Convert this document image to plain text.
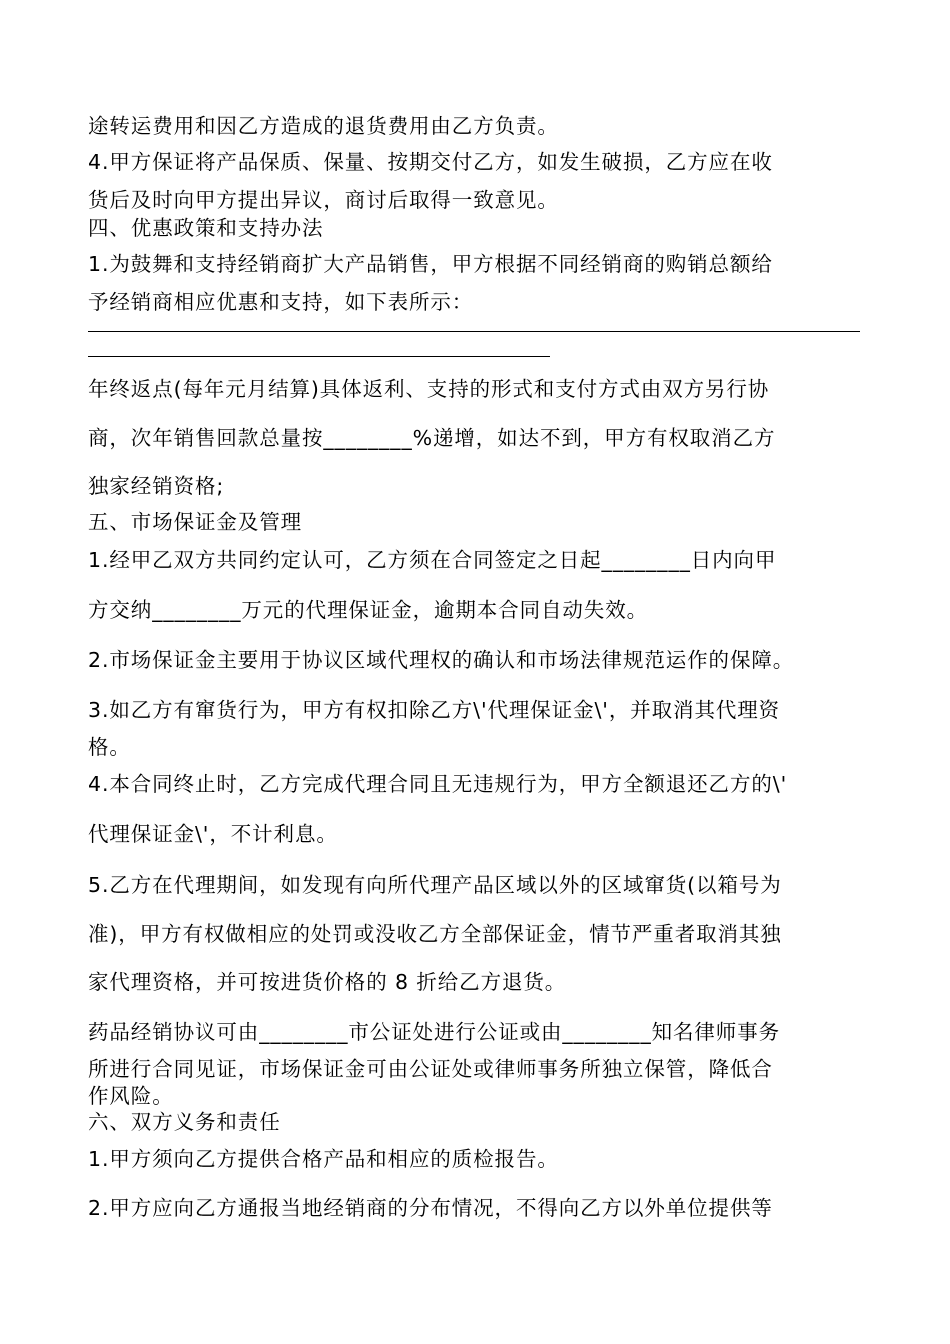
途转运费用和因乙方造成的退货费用由乙方负责。
4.甲方保证将产品保质、保量、按期交付乙方，如发生破损，乙方应在收
货后及时向甲方提出异议，商讨后取得一致意见。
四、优惠政策和支持办法
1.为鼓舞和支持经销商扩大产品销售，甲方根据不同经销商的购销总额给
予经销商相应优惠和支持，如下表所示：
年终返点(每年元月结算)具体返利、支持的形式和支付方式由双方另行协
商，次年销售回款总量按________%递增，如达不到，甲方有权取消乙方
独家经销资格;
五、市场保证金及管理
1.经甲乙双方共同约定认可，乙方须在合同签定之日起________日内向甲
方交纳________万元的代理保证金，逾期本合同自动失效。
2.市场保证金主要用于协议区域代理权的确认和市场法律规范运作的保障。
3.如乙方有窜货行为，甲方有权扣除乙方\'代理保证金\'，并取消其代理资
格。
4.本合同终止时，乙方完成代理合同且无违规行为，甲方全额退还乙方的\'
代理保证金\'，不计利息。
5.乙方在代理期间，如发现有向所代理产品区域以外的区域窜货(以箱号为
准)，甲方有权做相应的处罚或没收乙方全部保证金，情节严重者取消其独
家代理资格，并可按进货价格的 8 折给乙方退货。
药品经销协议可由________市公证处进行公证或由________知名律师事务
所进行合同见证，市场保证金可由公证处或律师事务所独立保管，降低合
作风险。
六、双方义务和责任
1.甲方须向乙方提供合格产品和相应的质检报告。
2.甲方应向乙方通报当地经销商的分布情况，不得向乙方以外单位提供等
